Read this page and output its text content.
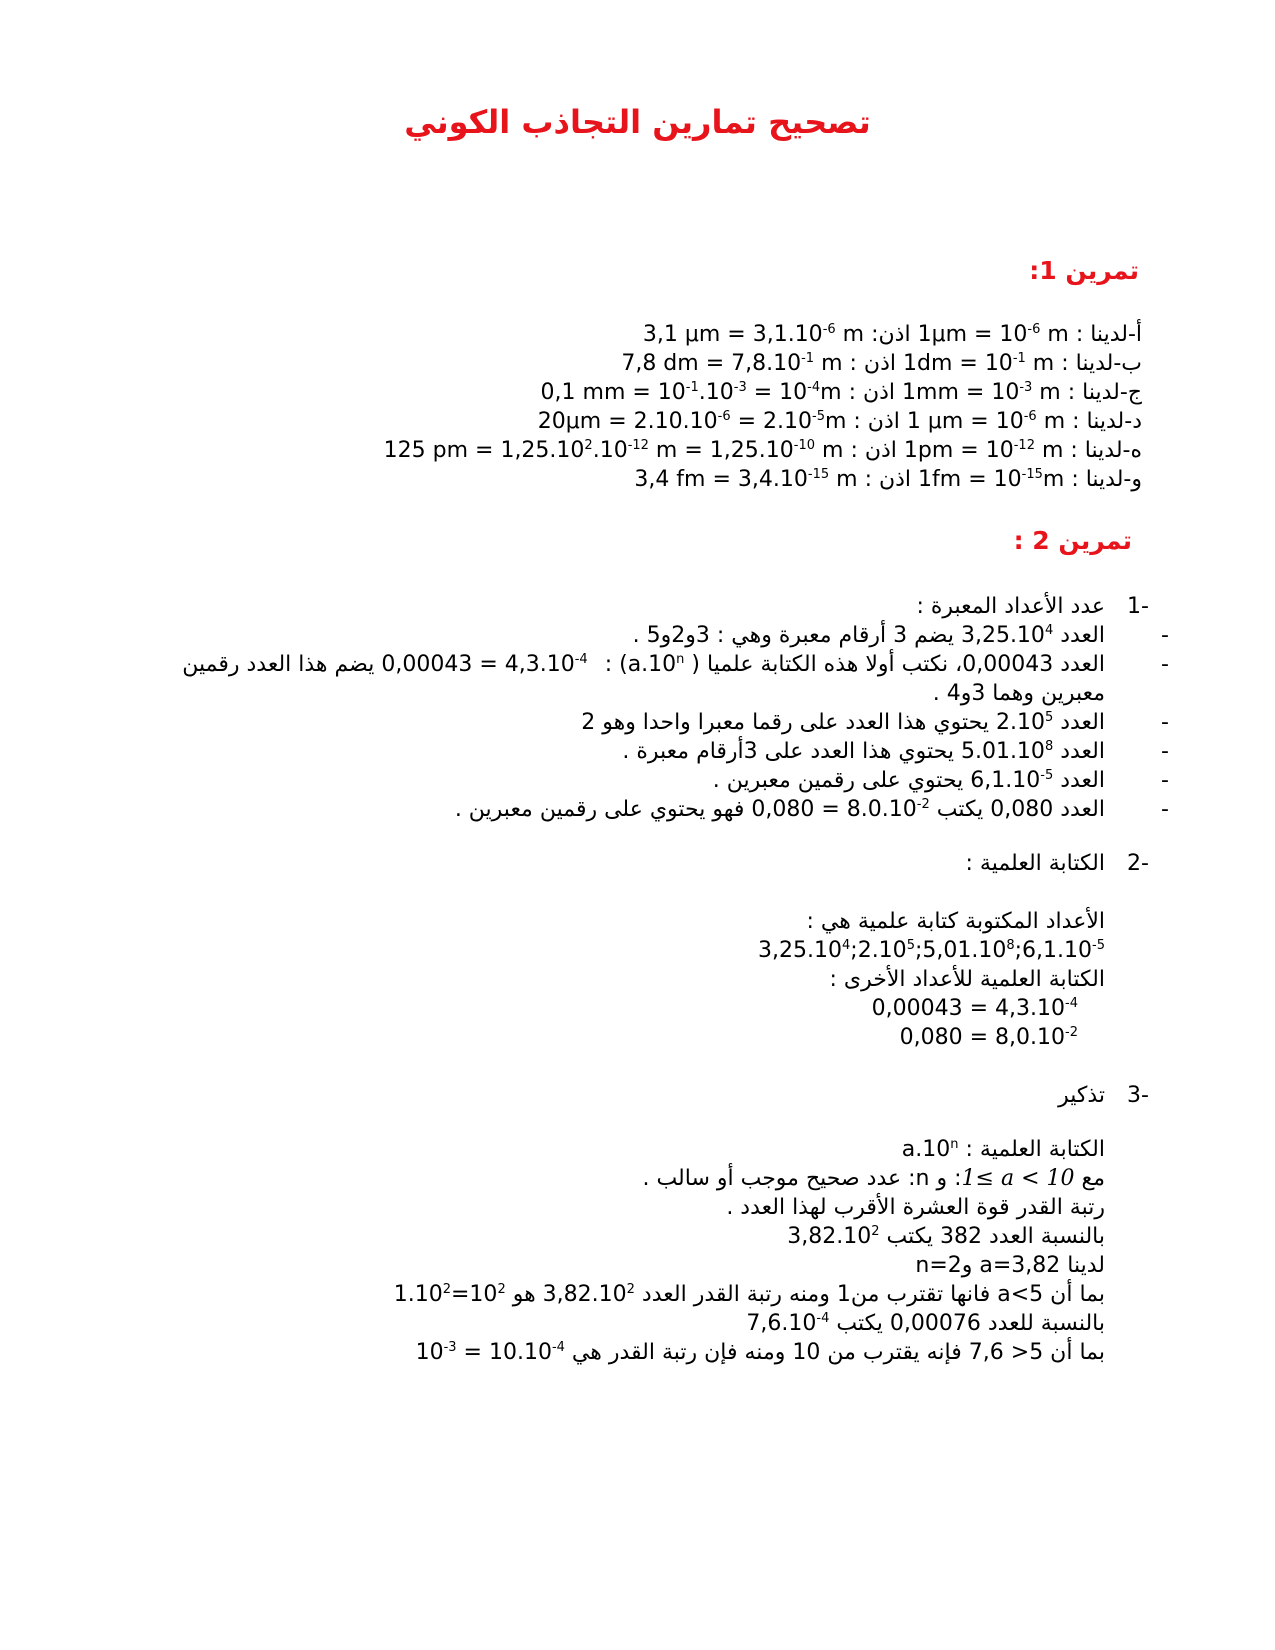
تصحيح تمارين التجاذب الكوني
تمرين 1:
أ-لدينا : $1\mu m = 10^{-6}$ m اذن: 3,1 $\mu m = 3,1.10^{-6}$ m
ب-لدينا : $1dm = 10^{-1}$ m اذن : 7,8 dm = $7,8.10^{-1}$ m
ج-لدينا : $1mm = 10^{-3}$ m اذن : 0,1 mm = $10^{-1}.10^{-3} = 10^{-4}m$
د-لدينا : 1 $\mu m = 10^{-6}$ m اذن : $20\mu m = 2.10.10^{-6} = 2.10^{-5}m$
ه-لدينا : $1pm = 10^{-12}$ m اذن : 125 pm = $1,25.10^2.10^{-12}$ $m = 1,25.10^{-10}$ m
و-لدينا : $1fm = 10^{-15}m$ اذن : 3,4 fm = $3,4.10^{-15}$ m
تمرين 2 :
-1
عدد الأعداد المعبرة :
-
العدد 3,25.10$^4$ يضم 3 أرقام معبرة وهي : 3و2و5 .
-
العدد 0,00043، نكتب أولا هذه الكتابة علميا ( a.10$^n$) : $0,00043 = 4,3.10^{-4}$ يضم هذا العدد رقمين
معبرين وهما 3و4 .
-
العدد 2.10$^5$ يحتوي هذا العدد على رقما معبرا واحدا وهو 2
-
العدد 5.01.10$^8$ يحتوي هذا العدد على 3أرقام معبرة .
-
العدد $6,1.10^{-5}$ يحتوي على رقمين معبرين .
-
العدد 0,080 يكتب $0,080 = 8.0.10^{-2}$ فهو يحتوي على رقمين معبرين .
-2
الكتابة العلمية :
الأعداد المكتوبة كتابة علمية هي :
$3,25.10^4;2.10^5;5,01.10^8;6,1.10^{-5}$
الكتابة العلمية للأعداد الأخرى :
$0,00043 = 4,3.10^{-4}$
$0,080 = 8,0.10^{-2}$
-3
تذكير
الكتابة العلمية : a.10$^n$
مع 1≤ a < 10: و n: عدد صحيح موجب أو سالب .
رتبة القدر قوة العشرة الأقرب لهذا العدد .
بالنسبة العدد 382 يكتب 3,82.10$^2$
لدينا a=3,82 وn=2
بما أن a<5 فانها تقترب من1 ومنه رتبة القدر العدد 3,82.10$^2$ هو $1.10^2=10^2$
بالنسبة للعدد 0,00076 يكتب $7,6.10^{-4}$
بما أن 5< 7,6 فإنه يقترب من 10 ومنه فإن رتبة القدر هي $10^{-3} = 10.10^{-4}$
